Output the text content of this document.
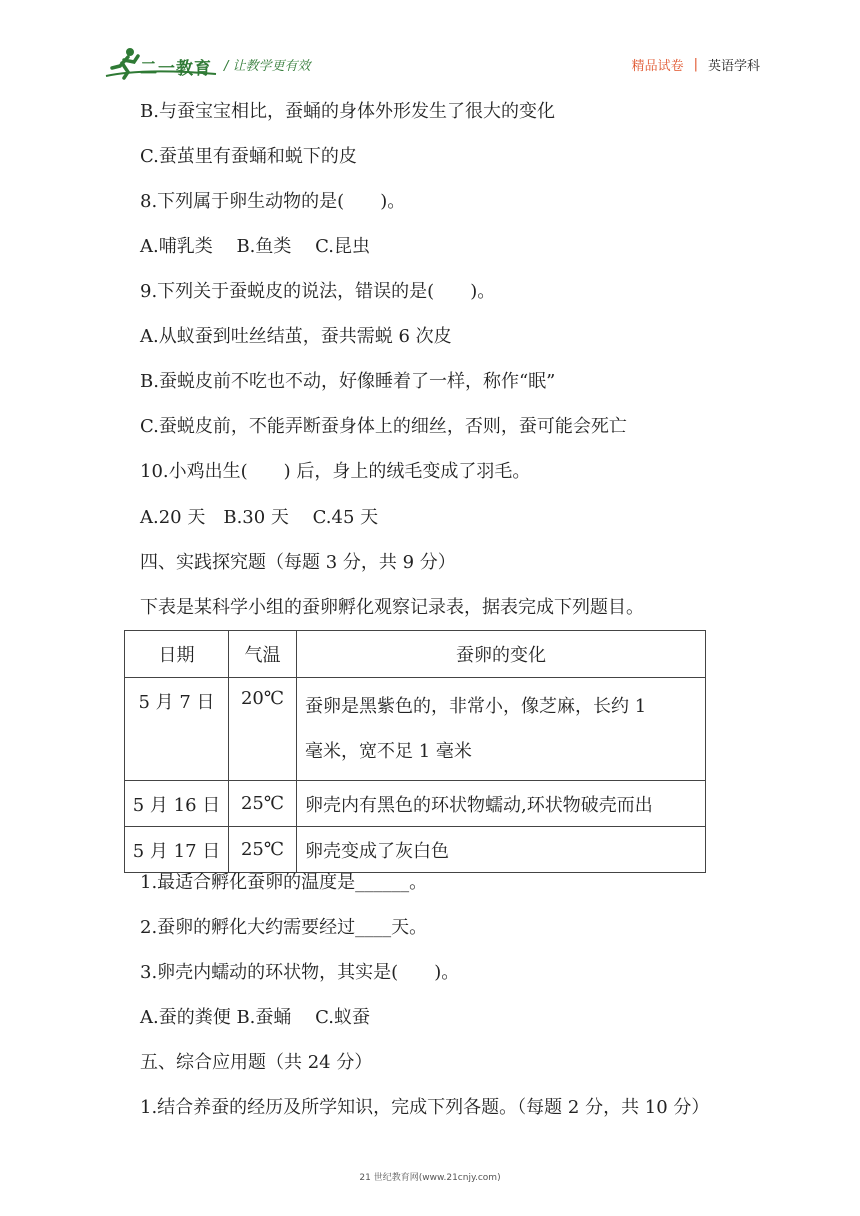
二一教育 / 让教学更有效	精品试卷 | 英语学科
B.与蚕宝宝相比，蚕蛹的身体外形发生了很大的变化
C.蚕茧里有蚕蛹和蜕下的皮
8.下列属于卵生动物的是(　　)。
A.哺乳类　 B.鱼类　 C.昆虫
9.下列关于蚕蜕皮的说法，错误的是(　　)。
A.从蚁蚕到吐丝结茧，蚕共需蜕 6 次皮
B.蚕蜕皮前不吃也不动，好像睡着了一样，称作“眠”
C.蚕蜕皮前，不能弄断蚕身体上的细丝，否则，蚕可能会死亡
10.小鸡出生(　　) 后，身上的绒毛变成了羽毛。
A.20 天　B.30 天　 C.45 天
四、实践探究题（每题 3 分，共 9 分）
下表是某科学小组的蚕卵孵化观察记录表，据表完成下列题目。
日期	气温	蚕卵的变化
5 月 7 日	20℃	蚕卵是黑紫色的，非常小，像芝麻，长约 1
毫米，宽不足 1 毫米

5 月 16 日	25℃	卵壳内有黑色的环状物蠕动,环状物破壳而出
5 月 17 日	25℃	卵壳变成了灰白色
1.最适合孵化蚕卵的温度是______。
2.蚕卵的孵化大约需要经过____天。
3.卵壳内蠕动的环状物，其实是(　　)。
A.蚕的粪便 B.蚕蛹　 C.蚁蚕
五、综合应用题（共 24 分）
1.结合养蚕的经历及所学知识，完成下列各题。（每题 2 分，共 10 分）
21 世纪教育网(www.21cnjy.com)
